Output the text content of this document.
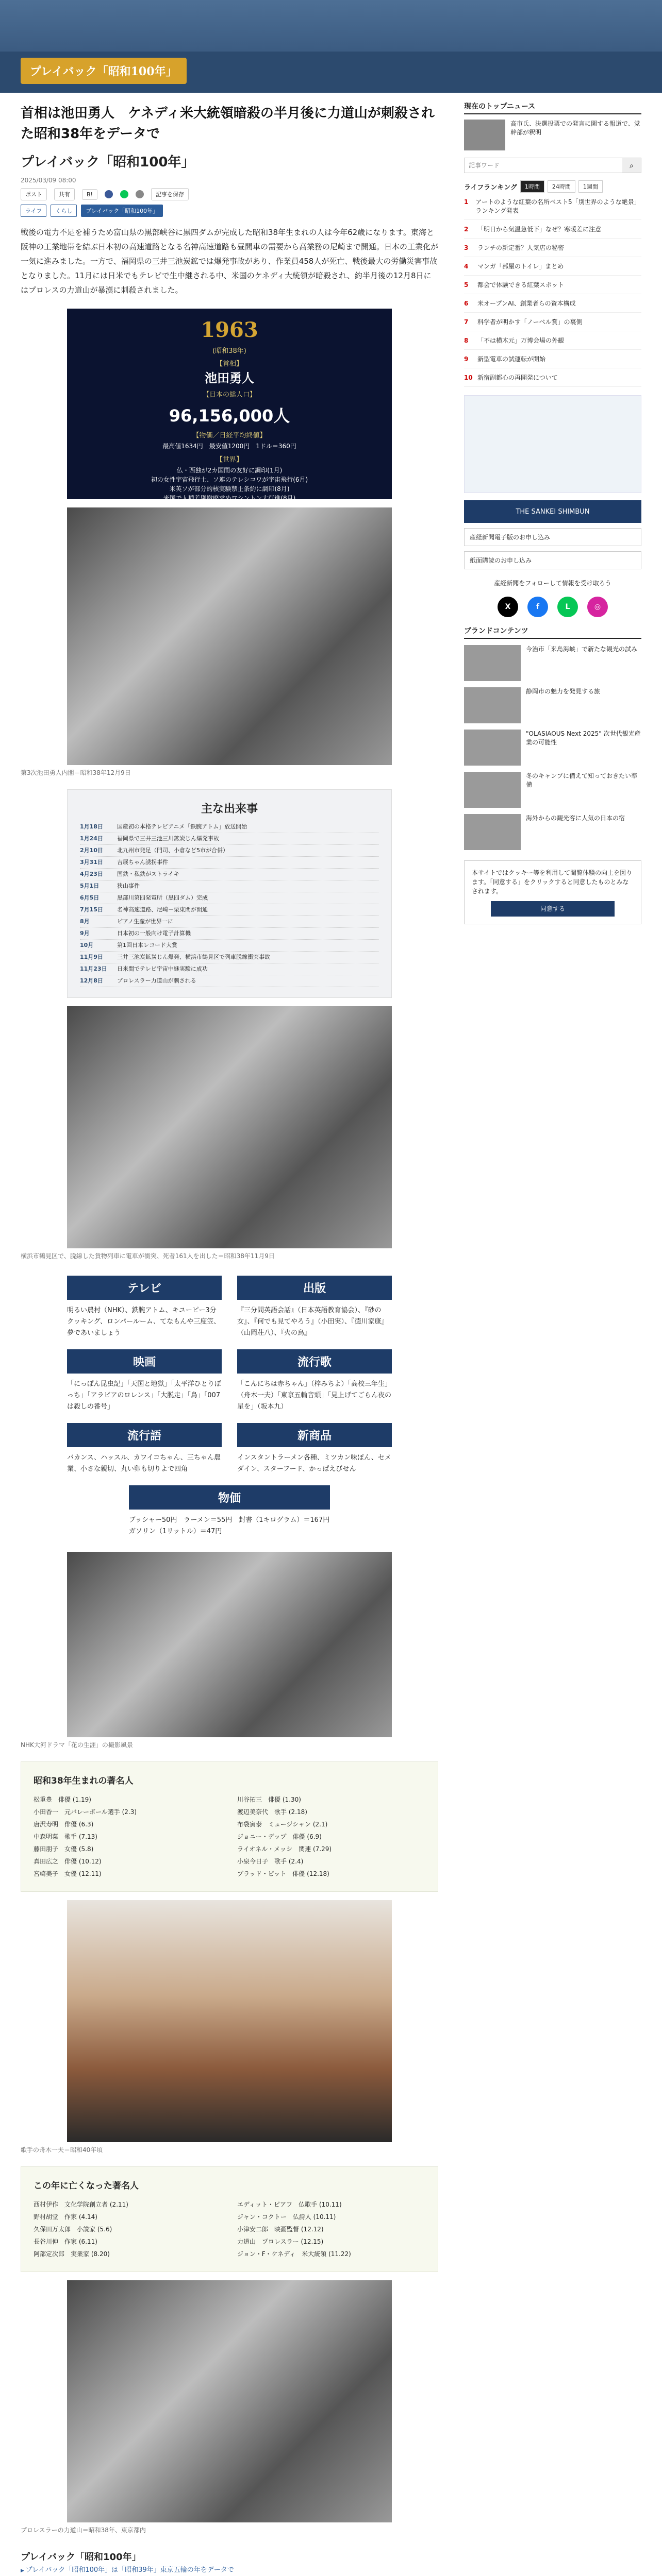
プレイバック「昭和100年」
首相は池田勇人　ケネディ米大統領暗殺の半月後に力道山が刺殺された昭和38年をデータで
プレイバック「昭和100年」
2025/03/09 08:00
ポスト	共有	B!	記事を保存
ライフ	くらし	プレイバック「昭和100年」

戦後の電力不足を補うため富山県の黒部峡谷に黒四ダムが完成した昭和38年生まれの人は今年62歳になります。東海と阪神の工業地帯を結ぶ日本初の高速道路となる名神高速道路も昼間車の需要から高業務の尼崎まで開通。日本の工業化が一気に進みました。一方で、福岡県の三井三池炭鉱では爆発事故があり、作業員458人が死亡、戦後最大の労働災害事故となりました。11月には日米でもテレビで生中継される中、米国のケネディ大統領が暗殺され、約半月後の12月8日にはプロレスの力道山が暴漢に刺殺されました。

1963
(昭和38年)
【首相】
池田勇人
【日本の総人口】
96,156,000人
【物価／日経平均終値】
最高値1634円　最安値1200円　1ドル＝360円
【世界】
仏・西独が2カ国間の友好に調印(1月)
初の女性宇宙飛行士、ソ連のテレシコワが宇宙飛行(6月)
米英ソが部分的核実験禁止条約に調印(8月)
米国で人種差別撤廃求めワシントン大行進(8月)
第3次池田勇人内閣＝昭和38年12月9日
主な出来事
1月18日	国産初の本格テレビアニメ「鉄腕アトム」放送開始
1月24日	福岡県で三井三池三川鉱炭じん爆発事故
2月10日	北九州市発足（門司、小倉など5市が合併）
3月31日	吉展ちゃん誘拐事件
4月23日	国鉄・私鉄がストライキ
5月1日	狭山事件
6月5日	黒部川第四発電所（黒四ダム）完成
7月15日	名神高速道路、尼崎－栗東間が開通
8月	ピアノ生産が世界一に
9月	日本初の一般向け電子計算機
10月	第1回日本レコード大賞
11月9日	三井三池炭鉱炭じん爆発、横浜市鶴見区で列車脱線衝突事故
11月23日	日米間でテレビ宇宙中継実験に成功
12月8日	プロレスラー力道山が刺される
横浜市鶴見区で、脱線した貨物列車に電車が衝突、死者161人を出した＝昭和38年11月9日
テレビ

明るい農村（NHK）、鉄腕アトム、キユーピー3分クッキング、ロンパールーム、てなもんや三度笠、夢であいましょう

出版

『三分間英語会話』（日本英語教育協会）、『砂の女』、『何でも見てやろう』（小田実）、『徳川家康』（山岡荘八）、『火の鳥』

映画

「にっぽん昆虫記」「天国と地獄」「太平洋ひとりぼっち」「アラビアのロレンス」「大脱走」「鳥」「007は殺しの番号」

流行歌

「こんにちは赤ちゃん」（梓みちよ）「高校三年生」（舟木一夫）「東京五輪音頭」「見上げてごらん夜の星を」（坂本九）

流行語

バカンス、ハッスル、カワイコちゃん、三ちゃん農業、小さな親切、丸い卵も切りよで四角

新商品

インスタントラーメン各種、ミツカン味ぽん、セメダイン、スターフード、かっぱえびせん

物価

ブッシャー50円　ラーメン＝55円　封書（1キログラム）＝167円　ガソリン（1リットル）＝47円

NHK大河ドラマ「花の生涯」の撮影風景
昭和38年生まれの著名人
松重豊　 俳優 (1.19)	川谷拓三　 俳優 (1.30)
小田香一　 元バレーボール選手 (2.3)	渡辺美奈代　 歌手 (2.18)
唐沢寿明　 俳優 (6.3)	布袋寅泰　 ミュージシャン (2.1)
中森明菜　 歌手 (7.13)	ジョニー・デップ　 俳優 (6.9)
藤田朋子　 女優 (5.8)	ライオネル・メッシ　 関連 (7.29)
真田広之　 俳優 (10.12)	小泉今日子　 歌手 (2.4)
宮崎美子　 女優 (12.11)	ブラッド・ピット　 俳優 (12.18)
歌手の舟木一夫＝昭和40年頃
この年に亡くなった著名人
西村伊作　 文化学院創立者 (2.11)	エディット・ピアフ　 仏歌手 (10.11)
野村胡堂　 作家 (4.14)	ジャン・コクトー　 仏詩人 (10.11)
久保田万太郎　 小説家 (5.6)	小津安二郎　 映画監督 (12.12)
長谷川伸　 作家 (6.11)	力道山　 プロレスラー (12.15)
阿部定次郎　 実業家 (8.20)	ジョン・F・ケネディ　 米大統領 (11.22)
プロレスラーの力道山＝昭和38年、東京都内
プレイバック「昭和100年」
▶ プレイバック「昭和100年」は「昭和39年」東京五輪の年をデータで
現在のトップニュース

高市氏、決選投票での発言に関する報道で、党幹部が釈明

記事ワード
⌕
ライフランキング	1時間	24時間	1週間
1	アートのような紅葉の名所ベスト5「別世界のような絶景」ランキング発表
2	「明日から気温急低下」なぜ？寒暖差に注意
3	ランチの新定番？人気店の秘密
4	マンガ「部屋のトイレ」まとめ
5	都会で体験できる紅葉スポット
6	米オープンAI、創業者らの資本構成
7	科学者が明かす「ノーベル賞」の裏側
8	「不は横木元」万博会場の外観
9	新型電車の試運転が開始
10 新宿副都心の再開発について
THE SANKEI SHIMBUN
産経新聞電子版のお申し込み
紙面購読のお申し込み
産経新聞をフォローして情報を受け取ろう
X	f	L	◎
ブランドコンテンツ

今治市「来島海峡」で新たな観光の試み

静岡市の魅力を発見する旅

"OLASIAOUS Next 2025" 次世代観光産業の可能性

冬のキャンプに備えて知っておきたい準備

海外からの観光客に人気の日本の宿

本サイトではクッキー等を利用して閲覧体験の向上を図ります。「同意する」をクリックすると同意したものとみなされます。

同意する
